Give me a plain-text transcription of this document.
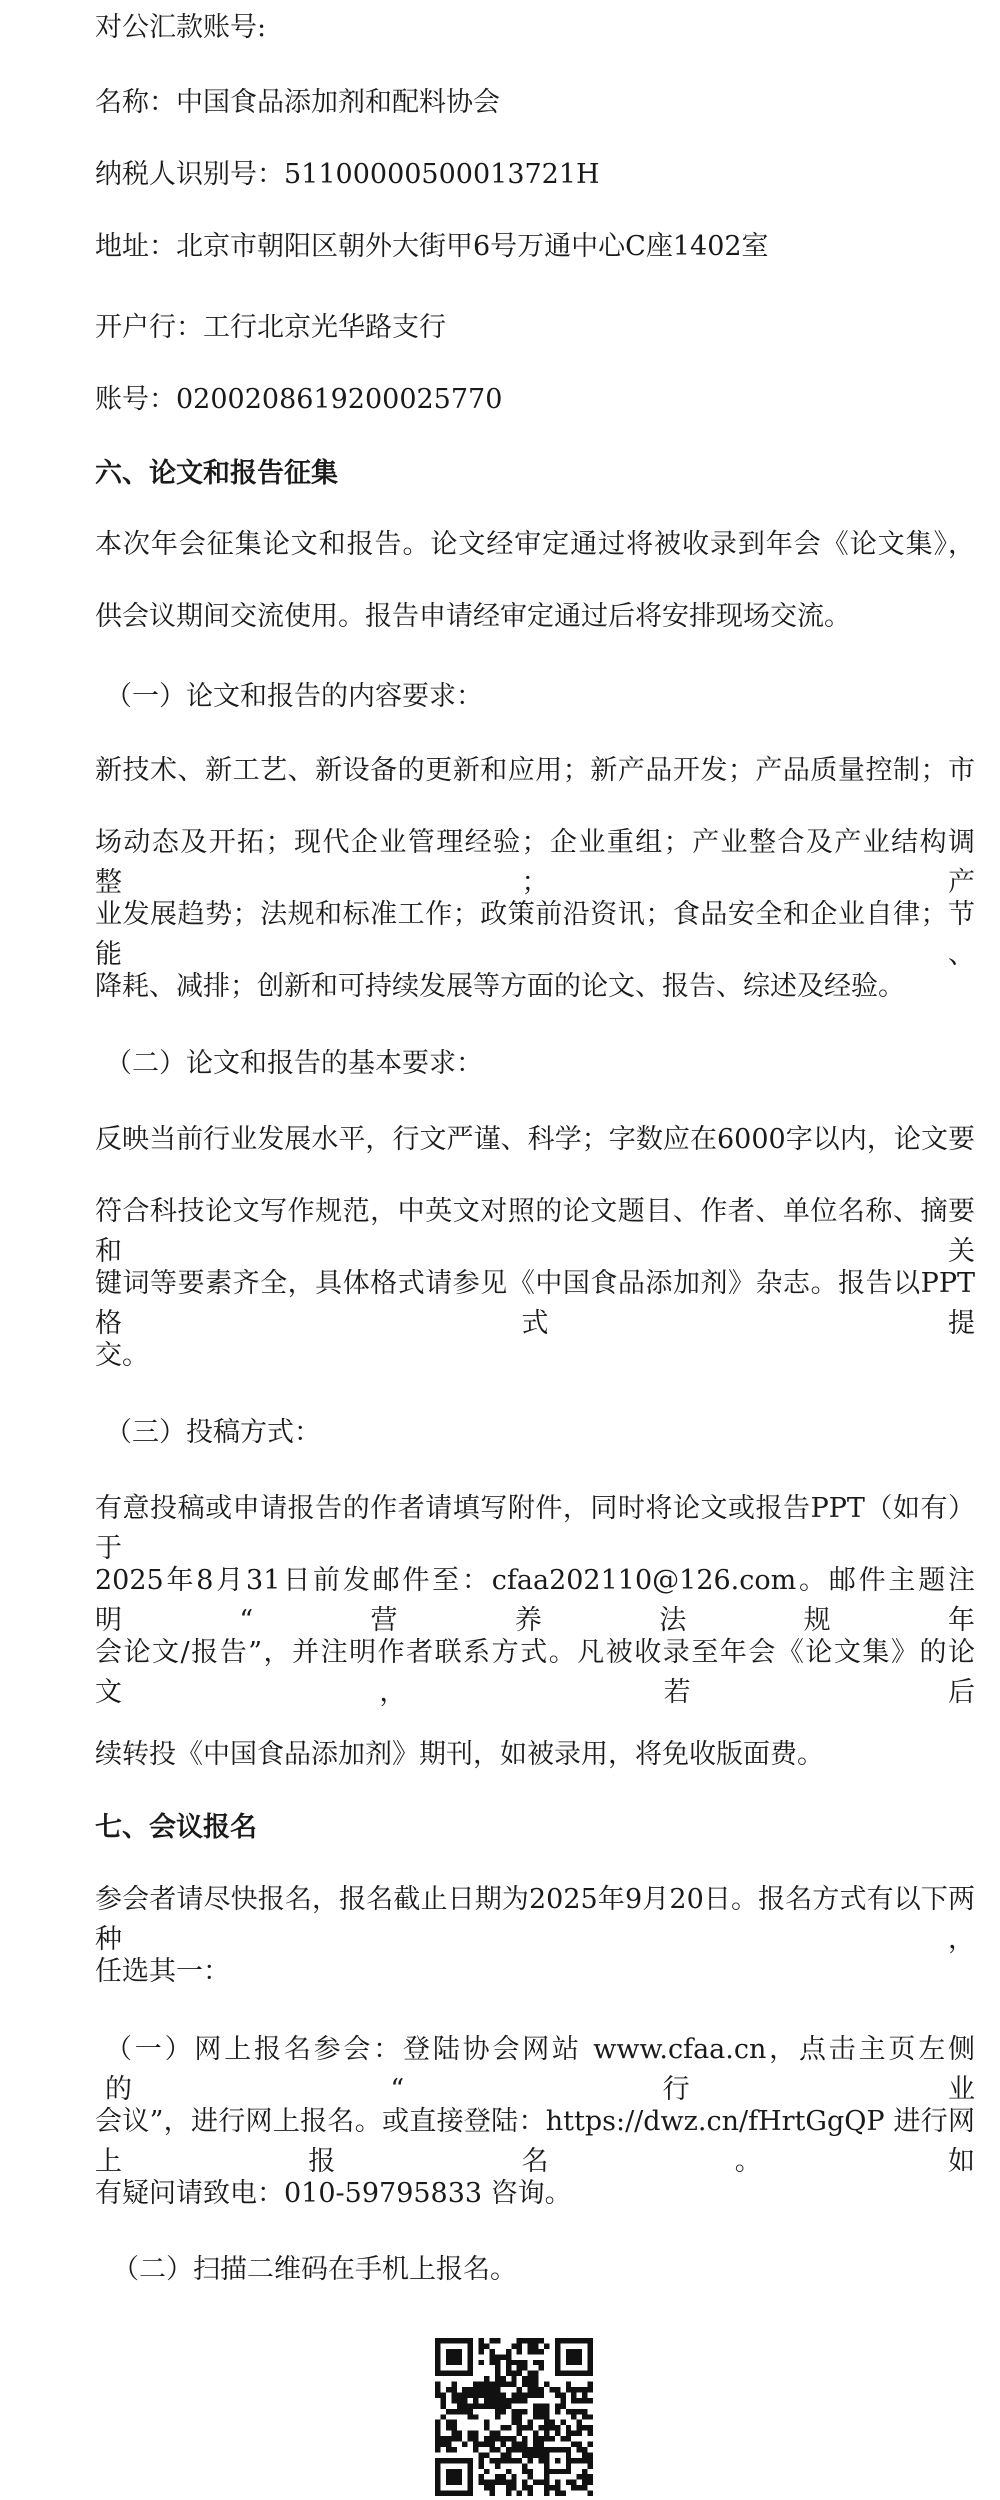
对公汇款账号:
名称：中国食品添加剂和配料协会
纳税人识别号：51100000500013721H
地址：北京市朝阳区朝外大街甲6号万通中心C座1402室
开户行：工行北京光华路支行
账号：0200208619200025770
六、论文和报告征集
本次年会征集论文和报告。论文经审定通过将被收录到年会《论文集》，
供会议期间交流使用。报告申请经审定通过后将安排现场交流。
（一）论文和报告的内容要求：
新技术、新工艺、新设备的更新和应用；新产品开发；产品质量控制；市
场动态及开拓；现代企业管理经验；企业重组；产业整合及产业结构调整；产
业发展趋势；法规和标准工作；政策前沿资讯；食品安全和企业自律；节能、
降耗、减排；创新和可持续发展等方面的论文、报告、综述及经验。
（二）论文和报告的基本要求：
反映当前行业发展水平，行文严谨、科学；字数应在6000字以内，论文要
符合科技论文写作规范，中英文对照的论文题目、作者、单位名称、摘要和关
键词等要素齐全，具体格式请参见《中国食品添加剂》杂志。报告以PPT格式提
交。
（三）投稿方式：
有意投稿或申请报告的作者请填写附件，同时将论文或报告PPT（如有）于
2025年8月31日前发邮件至：cfaa202110@126.com。邮件主题注明“营养法规年
会论文/报告”，并注明作者联系方式。凡被收录至年会《论文集》的论文，若后
续转投《中国食品添加剂》期刊，如被录用，将免收版面费。
七、会议报名
参会者请尽快报名，报名截止日期为2025年9月20日。报名方式有以下两种，
任选其一：
（一）网上报名参会：登陆协会网站 www.cfaa.cn，点击主页左侧的“行业
会议”，进行网上报名。或直接登陆：https://dwz.cn/fHrtGgQP 进行网上报名。如
有疑问请致电：010-59795833 咨询。
（二）扫描二维码在手机上报名。
